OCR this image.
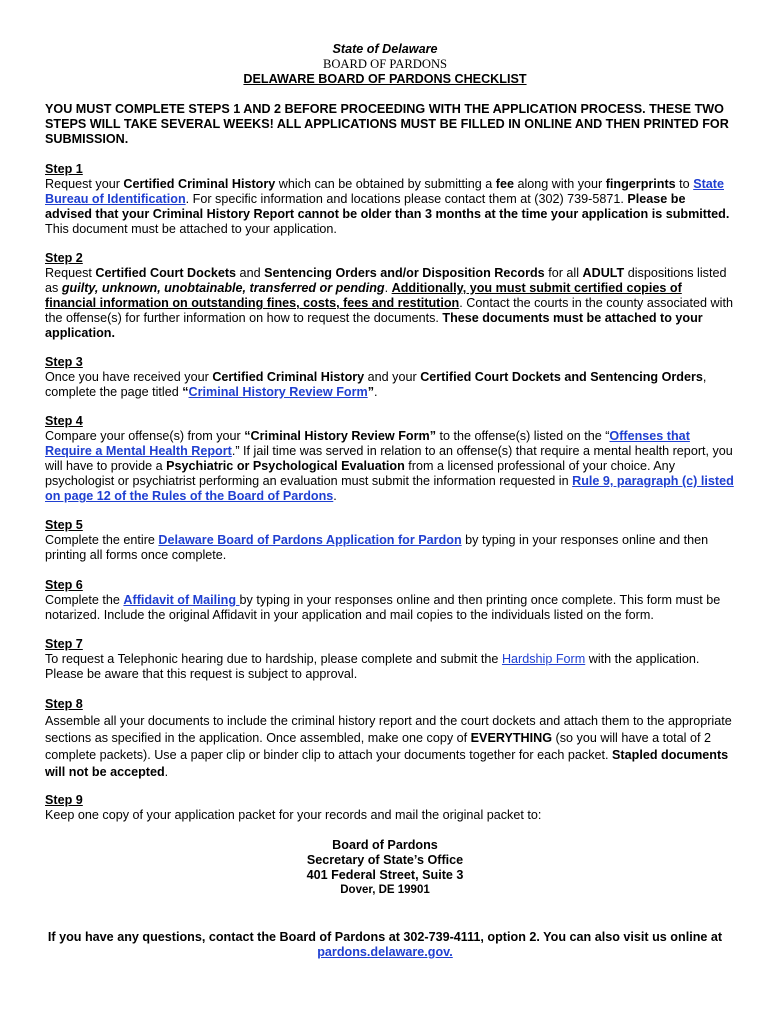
State of Delaware
BOARD OF PARDONS
DELAWARE BOARD OF PARDONS CHECKLIST
YOU MUST COMPLETE STEPS 1 AND 2 BEFORE PROCEEDING WITH THE APPLICATION PROCESS. THESE TWO STEPS WILL TAKE SEVERAL WEEKS! ALL APPLICATIONS MUST BE FILLED IN ONLINE AND THEN PRINTED FOR SUBMISSION.
Step 1
Request your Certified Criminal History which can be obtained by submitting a fee along with your fingerprints to State Bureau of Identification. For specific information and locations please contact them at (302) 739-5871. Please be advised that your Criminal History Report cannot be older than 3 months at the time your application is submitted. This document must be attached to your application.
Step 2
Request Certified Court Dockets and Sentencing Orders and/or Disposition Records for all ADULT dispositions listed as guilty, unknown, unobtainable, transferred or pending. Additionally, you must submit certified copies of financial information on outstanding fines, costs, fees and restitution. Contact the courts in the county associated with the offense(s) for further information on how to request the documents. These documents must be attached to your application.
Step 3
Once you have received your Certified Criminal History and your Certified Court Dockets and Sentencing Orders, complete the page titled “Criminal History Review Form”.
Step 4
Compare your offense(s) from your “Criminal History Review Form” to the offense(s) listed on the “Offenses that Require a Mental Health Report.” If jail time was served in relation to an offense(s) that require a mental health report, you will have to provide a Psychiatric or Psychological Evaluation from a licensed professional of your choice. Any psychologist or psychiatrist performing an evaluation must submit the information requested in Rule 9, paragraph (c) listed on page 12 of the Rules of the Board of Pardons.
Step 5
Complete the entire Delaware Board of Pardons Application for Pardon by typing in your responses online and then printing all forms once complete.
Step 6
Complete the Affidavit of Mailing by typing in your responses online and then printing once complete. This form must be notarized. Include the original Affidavit in your application and mail copies to the individuals listed on the form.
Step 7
To request a Telephonic hearing due to hardship, please complete and submit the Hardship Form with the application. Please be aware that this request is subject to approval.
Step 8
Assemble all your documents to include the criminal history report and the court dockets and attach them to the appropriate sections as specified in the application. Once assembled, make one copy of EVERYTHING (so you will have a total of 2 complete packets). Use a paper clip or binder clip to attach your documents together for each packet. Stapled documents will not be accepted.
Step 9
Keep one copy of your application packet for your records and mail the original packet to:
Board of Pardons
Secretary of State’s Office
401 Federal Street, Suite 3
Dover, DE 19901
If you have any questions, contact the Board of Pardons at 302-739-4111, option 2. You can also visit us online at pardons.delaware.gov.
